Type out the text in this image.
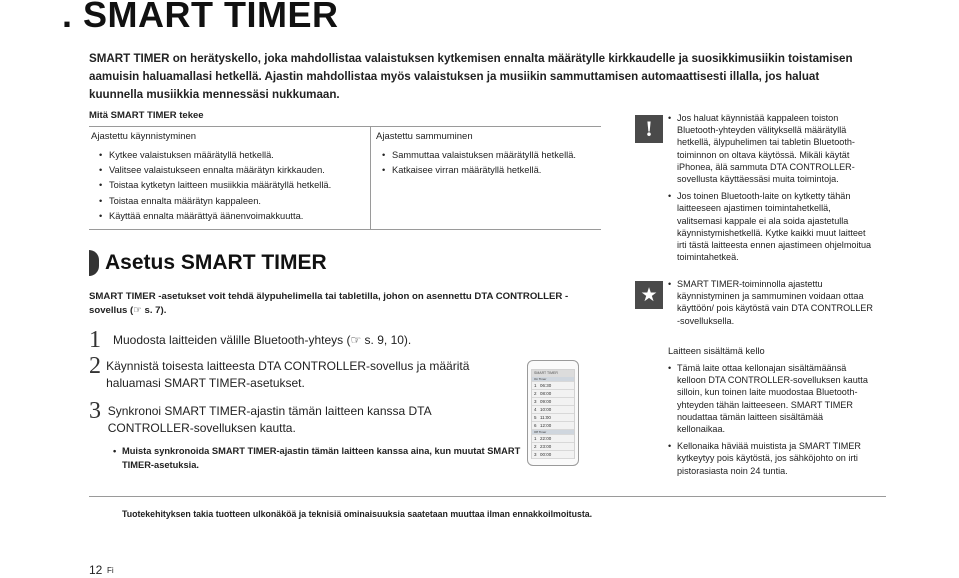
. SMART TIMER

SMART TIMER on herätyskello, joka mahdollistaa valaistuksen kytkemisen ennalta määrätylle kirkkaudelle ja suosikkimusiikin toistamisen aamuisin haluamallasi hetkellä. Ajastin mahdollistaa myös valaistuksen ja musiikin sammuttamisen automaattisesti illalla, jos haluat kuunnella musiikkia mennessäsi nukkumaan.

Mitä SMART TIMER tekee
Ajastettu käynnistyminen
• Kytkee valaistuksen määrätyllä hetkellä.
• Valitsee valaistukseen ennalta määrätyn kirkkauden.
• Toistaa kytketyn laitteen musiikkia määrätyllä hetkellä.
• Toistaa ennalta määrätyn kappaleen.
• Käyttää ennalta määrättyä äänenvoimakkuutta.
Ajastettu sammuminen
• Sammuttaa valaistuksen määrätyllä hetkellä.
• Katkaisee virran määrätyllä hetkellä.
Asetus SMART TIMER

SMART TIMER -asetukset voit tehdä älypuhelimella tai tabletilla, johon on asennettu DTA CONTROLLER -sovellus (☞ s. 7).

1	Muodosta laitteiden välille Bluetooth-yhteys (☞ s. 9, 10).
2 Käynnistä toisesta laitteesta DTA CONTROLLER-sovellus ja määritä haluamasi SMART TIMER-asetukset.
3 Synkronoi SMART TIMER-ajastin tämän laitteen kanssa DTA CONTROLLER-sovelluksen kautta.
• Muista synkronoida SMART TIMER-ajastin tämän laitteen kanssa aina, kun muutat SMART TIMER-asetuksia.
SMART TIMER
On Timer
1 06:30
2 08:00
3 09:00
4 10:00
5 11:00
6 12:00
Off Timer
1 22:00
2 23:00
3 00:00
!
•	Jos haluat käynnistää kappaleen toiston Bluetooth-yhteyden välityksellä määrätyllä hetkellä, älypuhelimen tai tabletin Bluetooth-toiminnon on oltava käytössä. Mikäli käytät iPhonea, älä sammuta DTA CONTROLLER-sovellusta käyttäessäsi muita toimintoja.
• Jos toinen Bluetooth-laite on kytketty tähän laitteeseen ajastimen toimintahetkellä, valitsemasi kappale ei ala soida ajastetulla käynnistymishetkellä. Kytke kaikki muut laitteet irti tästä laitteesta ennen ajastimeen ohjelmoitua toimintahetkeä.
★
• SMART TIMER-toiminnolla ajastettu käynnistyminen ja sammuminen voidaan ottaa käyttöön/ pois käytöstä vain DTA CONTROLLER -sovelluksella.
Laitteen sisältämä kello
• Tämä laite ottaa kellonajan sisältämäänsä kelloon DTA CONTROLLER-sovelluksen kautta silloin, kun toinen laite muodostaa Bluetooth-yhteyden tähän laitteeseen. SMART TIMER noudattaa tämän laitteen sisältämää kellonaikaa.
• Kellonaika häviää muistista ja SMART TIMER kytkeytyy pois käytöstä, jos sähköjohto on irti pistorasiasta noin 24 tuntia.
Tuotekehityksen takia tuotteen ulkonäköä ja teknisiä ominaisuuksia saatetaan muuttaa ilman ennakkoilmoitusta.
12 Fi
